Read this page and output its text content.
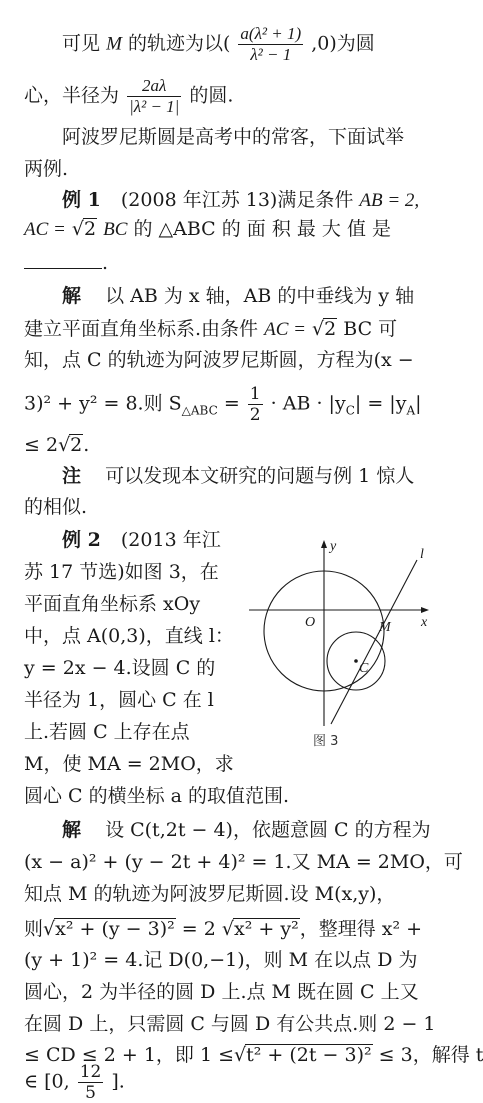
可见 M 的轨迹为以( $\frac{\text{a(λ² + 1)}}{\text{λ² − 1}} ,0$)为圆
心，半径为 $\frac{2a\lambda}{\text{|λ² − 1|}}$ 的圆.
阿波罗尼斯圆是高考中的常客，下面试举
两例.
例 1 (2008 年江苏 13)满足条件 AB = 2,
AC = √2 BC 的 △ABC 的 面 积 最 大 值 是
.
解 以 AB 为 x 轴，AB 的中垂线为 y 轴
建立平面直角坐标系.由条件 AC = √2 BC 可
知，点 C 的轨迹为阿波罗尼斯圆，方程为(x −
3)² + y² = 8.则 $S_{\triangle ABC} = \frac{1}{2}$ · AB · $|y_C| = |y_A|$
≤ 2√2.
注 可以发现本文研究的问题与例 1 惊人
的相似.
例 2 (2013 年江
苏 17 节选)如图 3，在
平面直角坐标系 xOy
中，点 A(0,3)，直线 l：
y = 2x − 4.设圆 C 的
半径为 1，圆心 C 在 l
上.若圆 C 上存在点
M，使 MA = 2MO，求
圆心 C 的横坐标 a 的取值范围.
y
l
x
O	M
C
图 3
解 设 C(t,2t − 4)，依题意圆 C 的方程为
(x − a)² + (y − 2t + 4)² = 1.又 MA = 2MO，可
知点 M 的轨迹为阿波罗尼斯圆.设 M(x,y)，
则√x² + (y − 3)² = 2 √x² + y²，整理得 x² +
(y + 1)² = 4.记 D(0,−1)，则 M 在以点 D 为
圆心，2 为半径的圆 D 上.点 M 既在圆 C 上又
在圆 D 上，只需圆 C 与圆 D 有公共点.则 2 − 1
≤ CD ≤ 2 + 1，即 1 ≤√t² + (2t − 3)² ≤ 3，解得 t
∈ [0, $\frac{12}{5}$ ].
